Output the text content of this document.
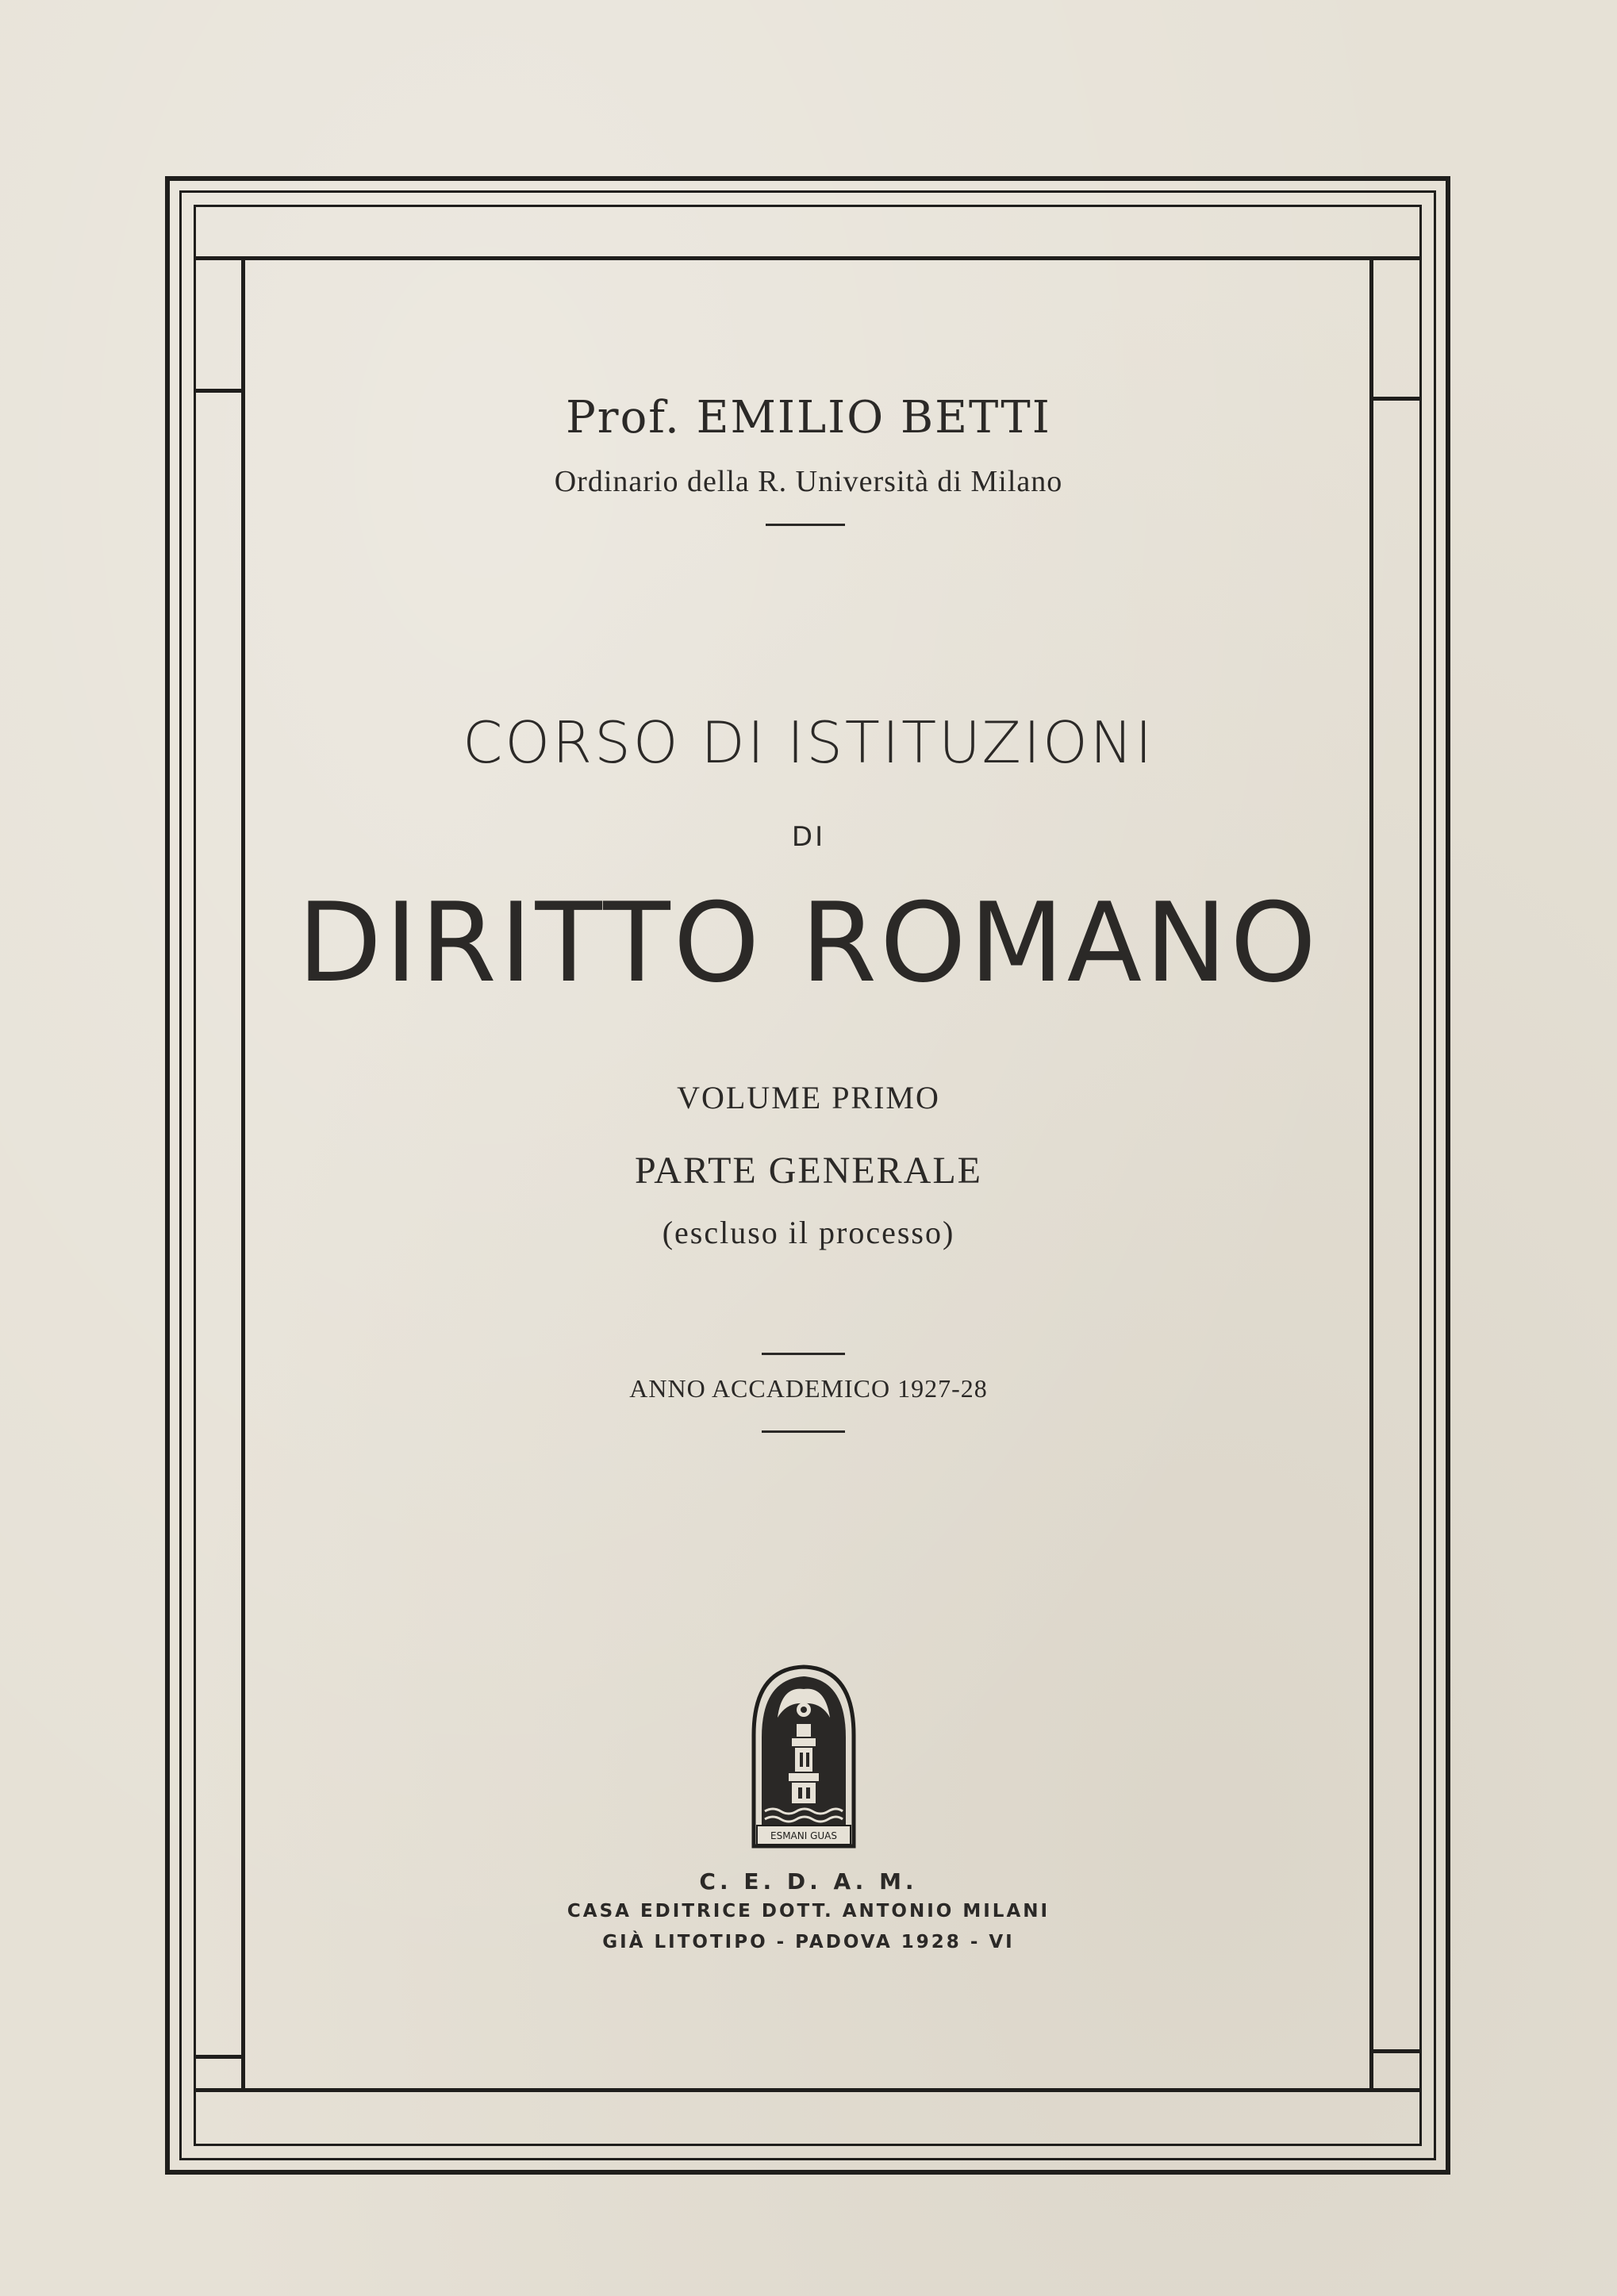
Prof. EMILIO BETTI
Ordinario della R. Università di Milano
CORSO DI ISTITUZIONI
DI
DIRITTO ROMANO
VOLUME PRIMO
PARTE GENERALE
(escluso il processo)
ANNO ACCADEMICO 1927-28
ESMANI GUAS
C. E. D. A. M.
CASA EDITRICE DOTT. ANTONIO MILANI
GIÀ LITOTIPO - PADOVA 1928 - VI
